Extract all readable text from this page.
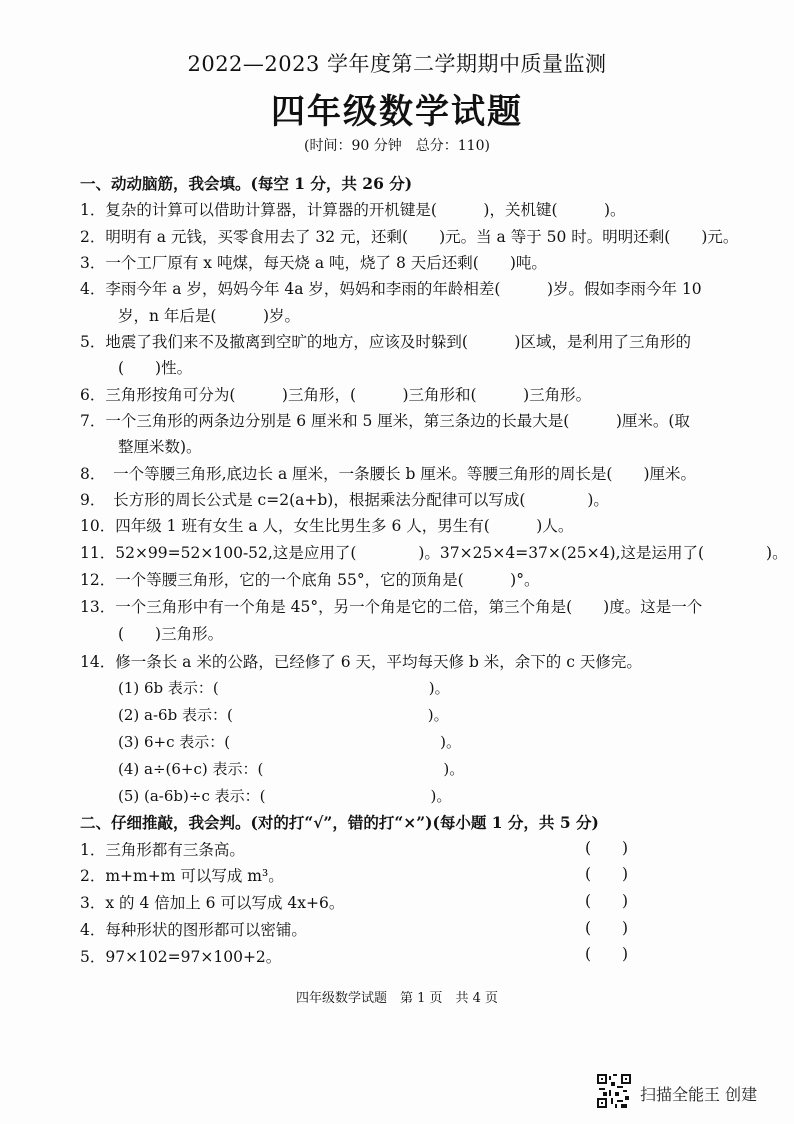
2022—2023 学年度第二学期期中质量监测
四年级数学试题
(时间：90 分钟　总分：110)
一、动动脑筋，我会填。(每空 1 分，共 26 分)
1．复杂的计算可以借助计算器，计算器的开机键是(　　　)，关机键(　　　)。
2．明明有 a 元钱，买零食用去了 32 元，还剩(　　)元。当 a 等于 50 时。明明还剩(　　)元。
3．一个工厂原有 x 吨煤，每天烧 a 吨，烧了 8 天后还剩(　　)吨。
4．李雨今年 a 岁，妈妈今年 4a 岁，妈妈和李雨的年龄相差(　　　)岁。假如李雨今年 10
岁，n 年后是(　　　)岁。
5．地震了我们来不及撤离到空旷的地方，应该及时躲到(　　　)区域，是利用了三角形的
(　　)性。
6．三角形按角可分为(　　　)三角形，(　　　)三角形和(　　　)三角形。
7．一个三角形的两条边分别是 6 厘米和 5 厘米，第三条边的长最大是(　　　)厘米。(取
整厘米数)。
8．　一个等腰三角形,底边长 a 厘米，一条腰长 b 厘米。等腰三角形的周长是(　　)厘米。
9．　长方形的周长公式是 c=2(a+b)，根据乘法分配律可以写成(　　　　)。
10．四年级 1 班有女生 a 人，女生比男生多 6 人，男生有(　　　)人。
11．52×99=52×100-52,这是应用了(　　　　)。37×25×4=37×(25×4),这是运用了(　　　　)。
12．一个等腰三角形，它的一个底角 55°，它的顶角是(　　　)°。
13．一个三角形中有一个角是 45°，另一个角是它的二倍，第三个角是(　　)度。这是一个
(　　)三角形。
14．修一条长 a 米的公路，已经修了 6 天，平均每天修 b 米，余下的 c 天修完。
(1) 6b 表示：(　　　　　　　　　　　　　　)。
(2) a-6b 表示：(　　　　　　　　　　　　　)。
(3) 6+c 表示：(　　　　　　　　　　　　　　)。
(4) a÷(6+c) 表示：(　　　　　　　　　　　　)。
(5) (a-6b)÷c 表示：(　　　　　　　　　　　)。
二、仔细推敲，我会判。(对的打“√”，错的打“×”)(每小题 1 分，共 5 分)
1．三角形都有三条高。	(　　)
2．m+m+m 可以写成 m³。	(　　)
3．x 的 4 倍加上 6 可以写成 4x+6。	(　　)
4．每种形状的图形都可以密铺。	(　　)
5．97×102=97×100+2。	(　　)
四年级数学试题　第 1 页　共 4 页
扫描全能王 创建
